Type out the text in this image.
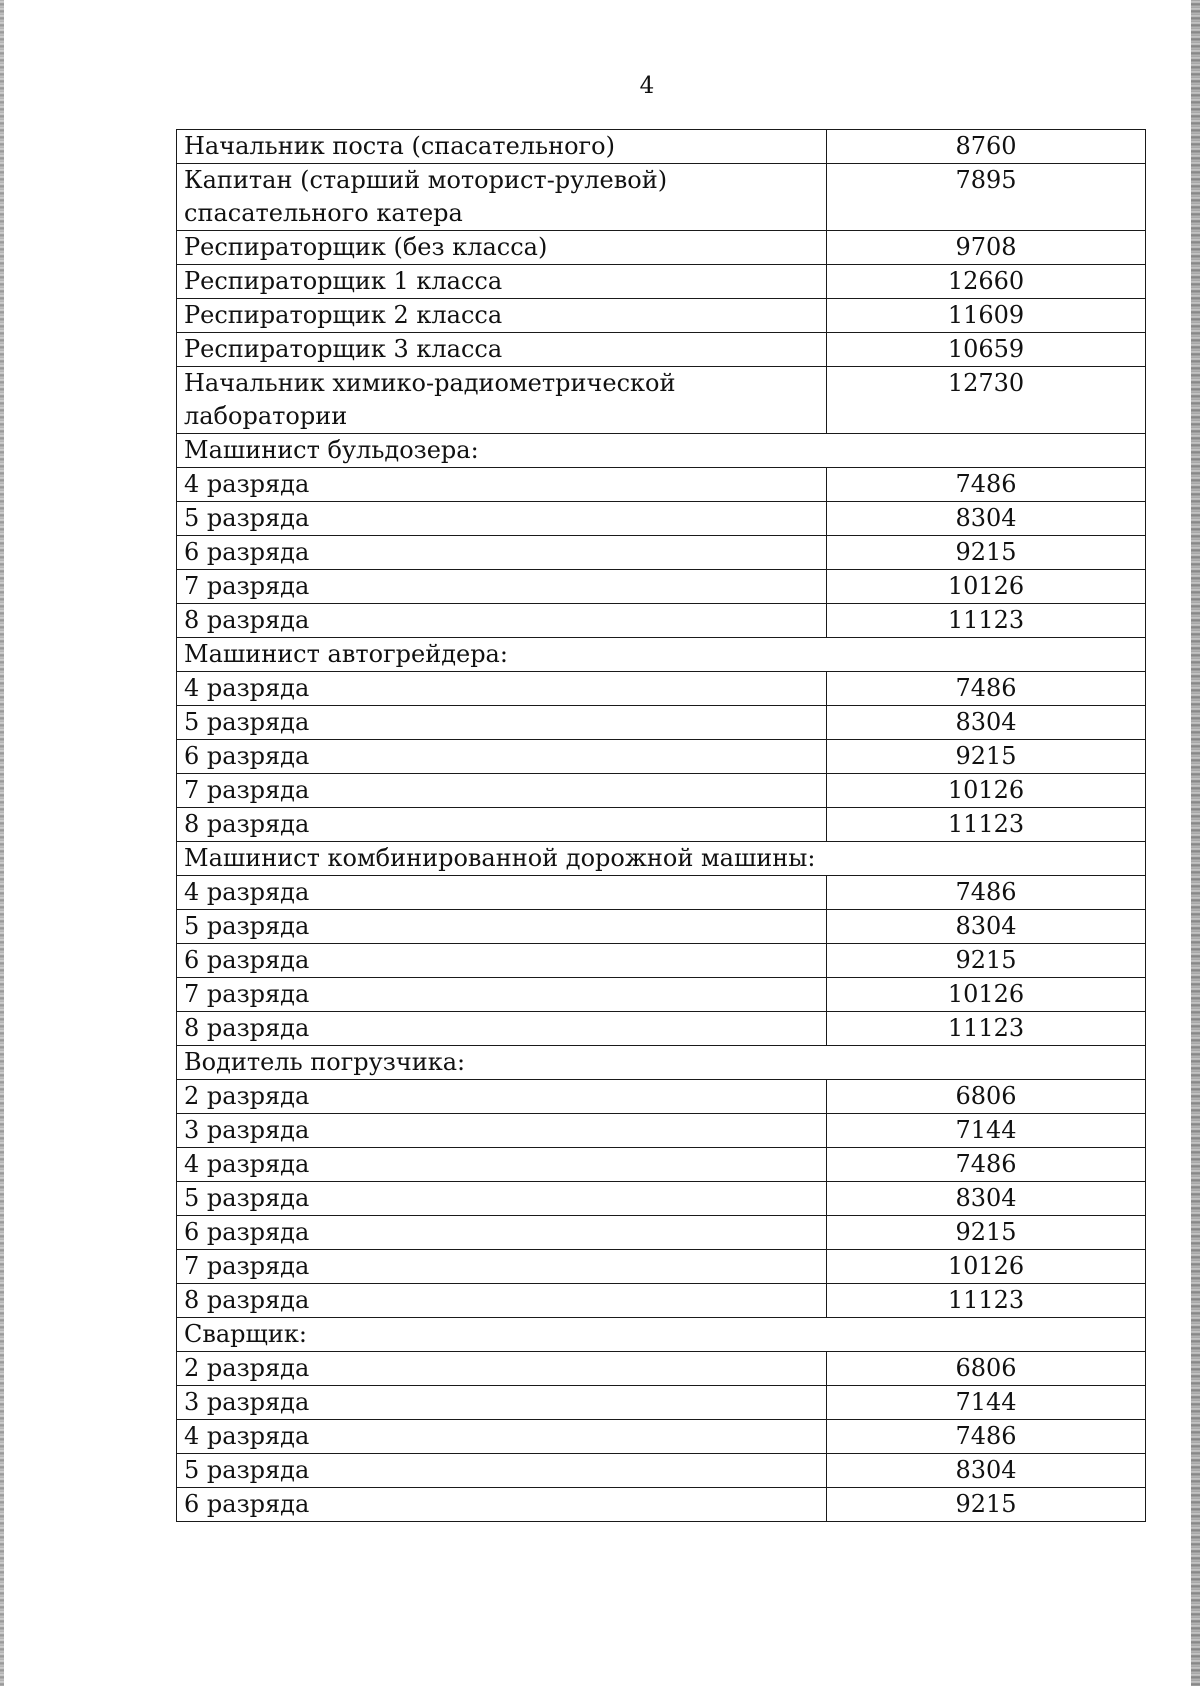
4
Начальник поста (спасательного)	8760
Капитан (старший моторист-рулевой) спасательного катера	7895
Респираторщик (без класса)	9708
Респираторщик 1 класса	12660
Респираторщик 2 класса	11609
Респираторщик 3 класса	10659
Начальник химико-радиометрической лаборатории	12730
Машинист бульдозера:	
4 разряда	7486
5 разряда	8304
6 разряда	9215
7 разряда	10126
8 разряда	11123
Машинист автогрейдера:	
4 разряда	7486
5 разряда	8304
6 разряда	9215
7 разряда	10126
8 разряда	11123
Машинист комбинированной дорожной машины:	
4 разряда	7486
5 разряда	8304
6 разряда	9215
7 разряда	10126
8 разряда	11123
Водитель погрузчика:	
2 разряда	6806
3 разряда	7144
4 разряда	7486
5 разряда	8304
6 разряда	9215
7 разряда	10126
8 разряда	11123
Сварщик:	
2 разряда	6806
3 разряда	7144
4 разряда	7486
5 разряда	8304
6 разряда	9215
